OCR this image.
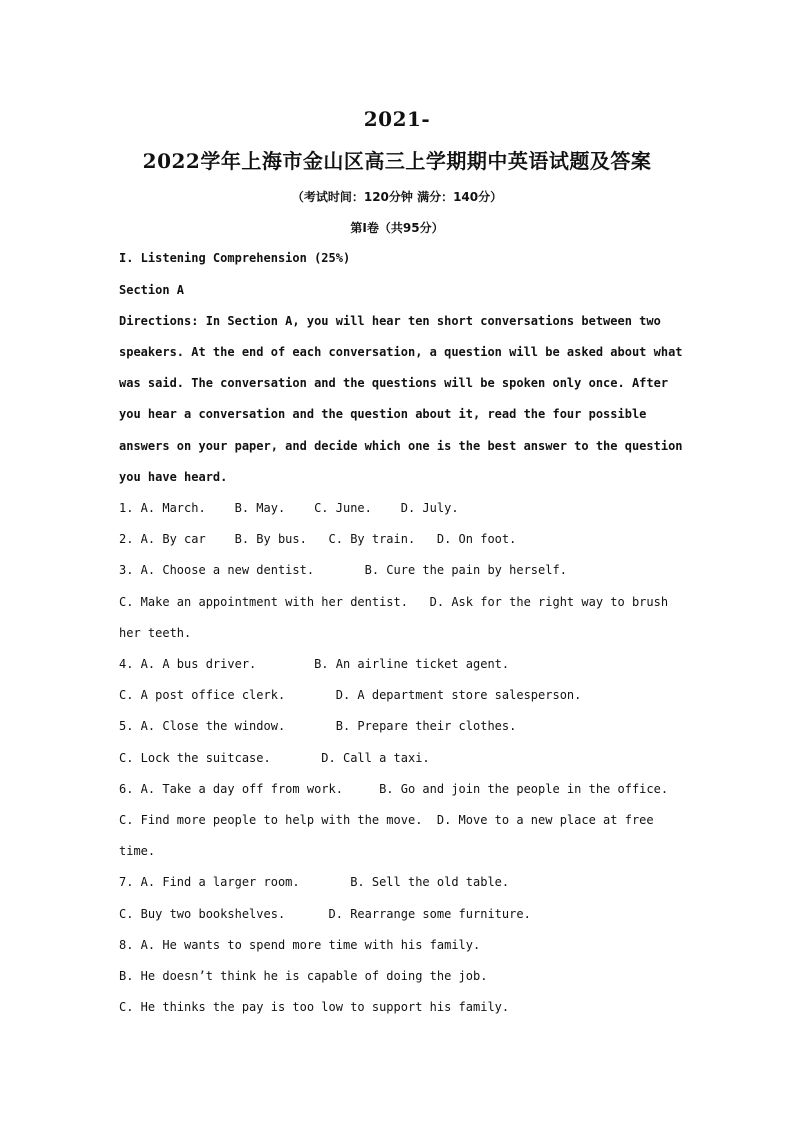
2021-
2022学年上海市金山区高三上学期期中英语试题及答案
（考试时间：120分钟 满分：140分）
第I卷（共95分）
I. Listening Comprehension (25%)
Section A
Directions: In Section A, you will hear ten short conversations between two
speakers. At the end of each conversation, a question will be asked about what
was said. The conversation and the questions will be spoken only once. After
you hear a conversation and the question about it, read the four possible
answers on your paper, and decide which one is the best answer to the question
you have heard.
1. A. March.    B. May.    C. June.    D. July.
2. A. By car    B. By bus.   C. By train.   D. On foot.
3. A. Choose a new dentist.       B. Cure the pain by herself.
C. Make an appointment with her dentist.   D. Ask for the right way to brush
her teeth.
4. A. A bus driver.        B. An airline ticket agent.
C. A post office clerk.       D. A department store salesperson.
5. A. Close the window.       B. Prepare their clothes.
C. Lock the suitcase.       D. Call a taxi.
6. A. Take a day off from work.     B. Go and join the people in the office.
C. Find more people to help with the move.  D. Move to a new place at free
time.
7. A. Find a larger room.       B. Sell the old table.
C. Buy two bookshelves.      D. Rearrange some furniture.
8. A. He wants to spend more time with his family.
B. He doesn’t think he is capable of doing the job.
C. He thinks the pay is too low to support his family.
